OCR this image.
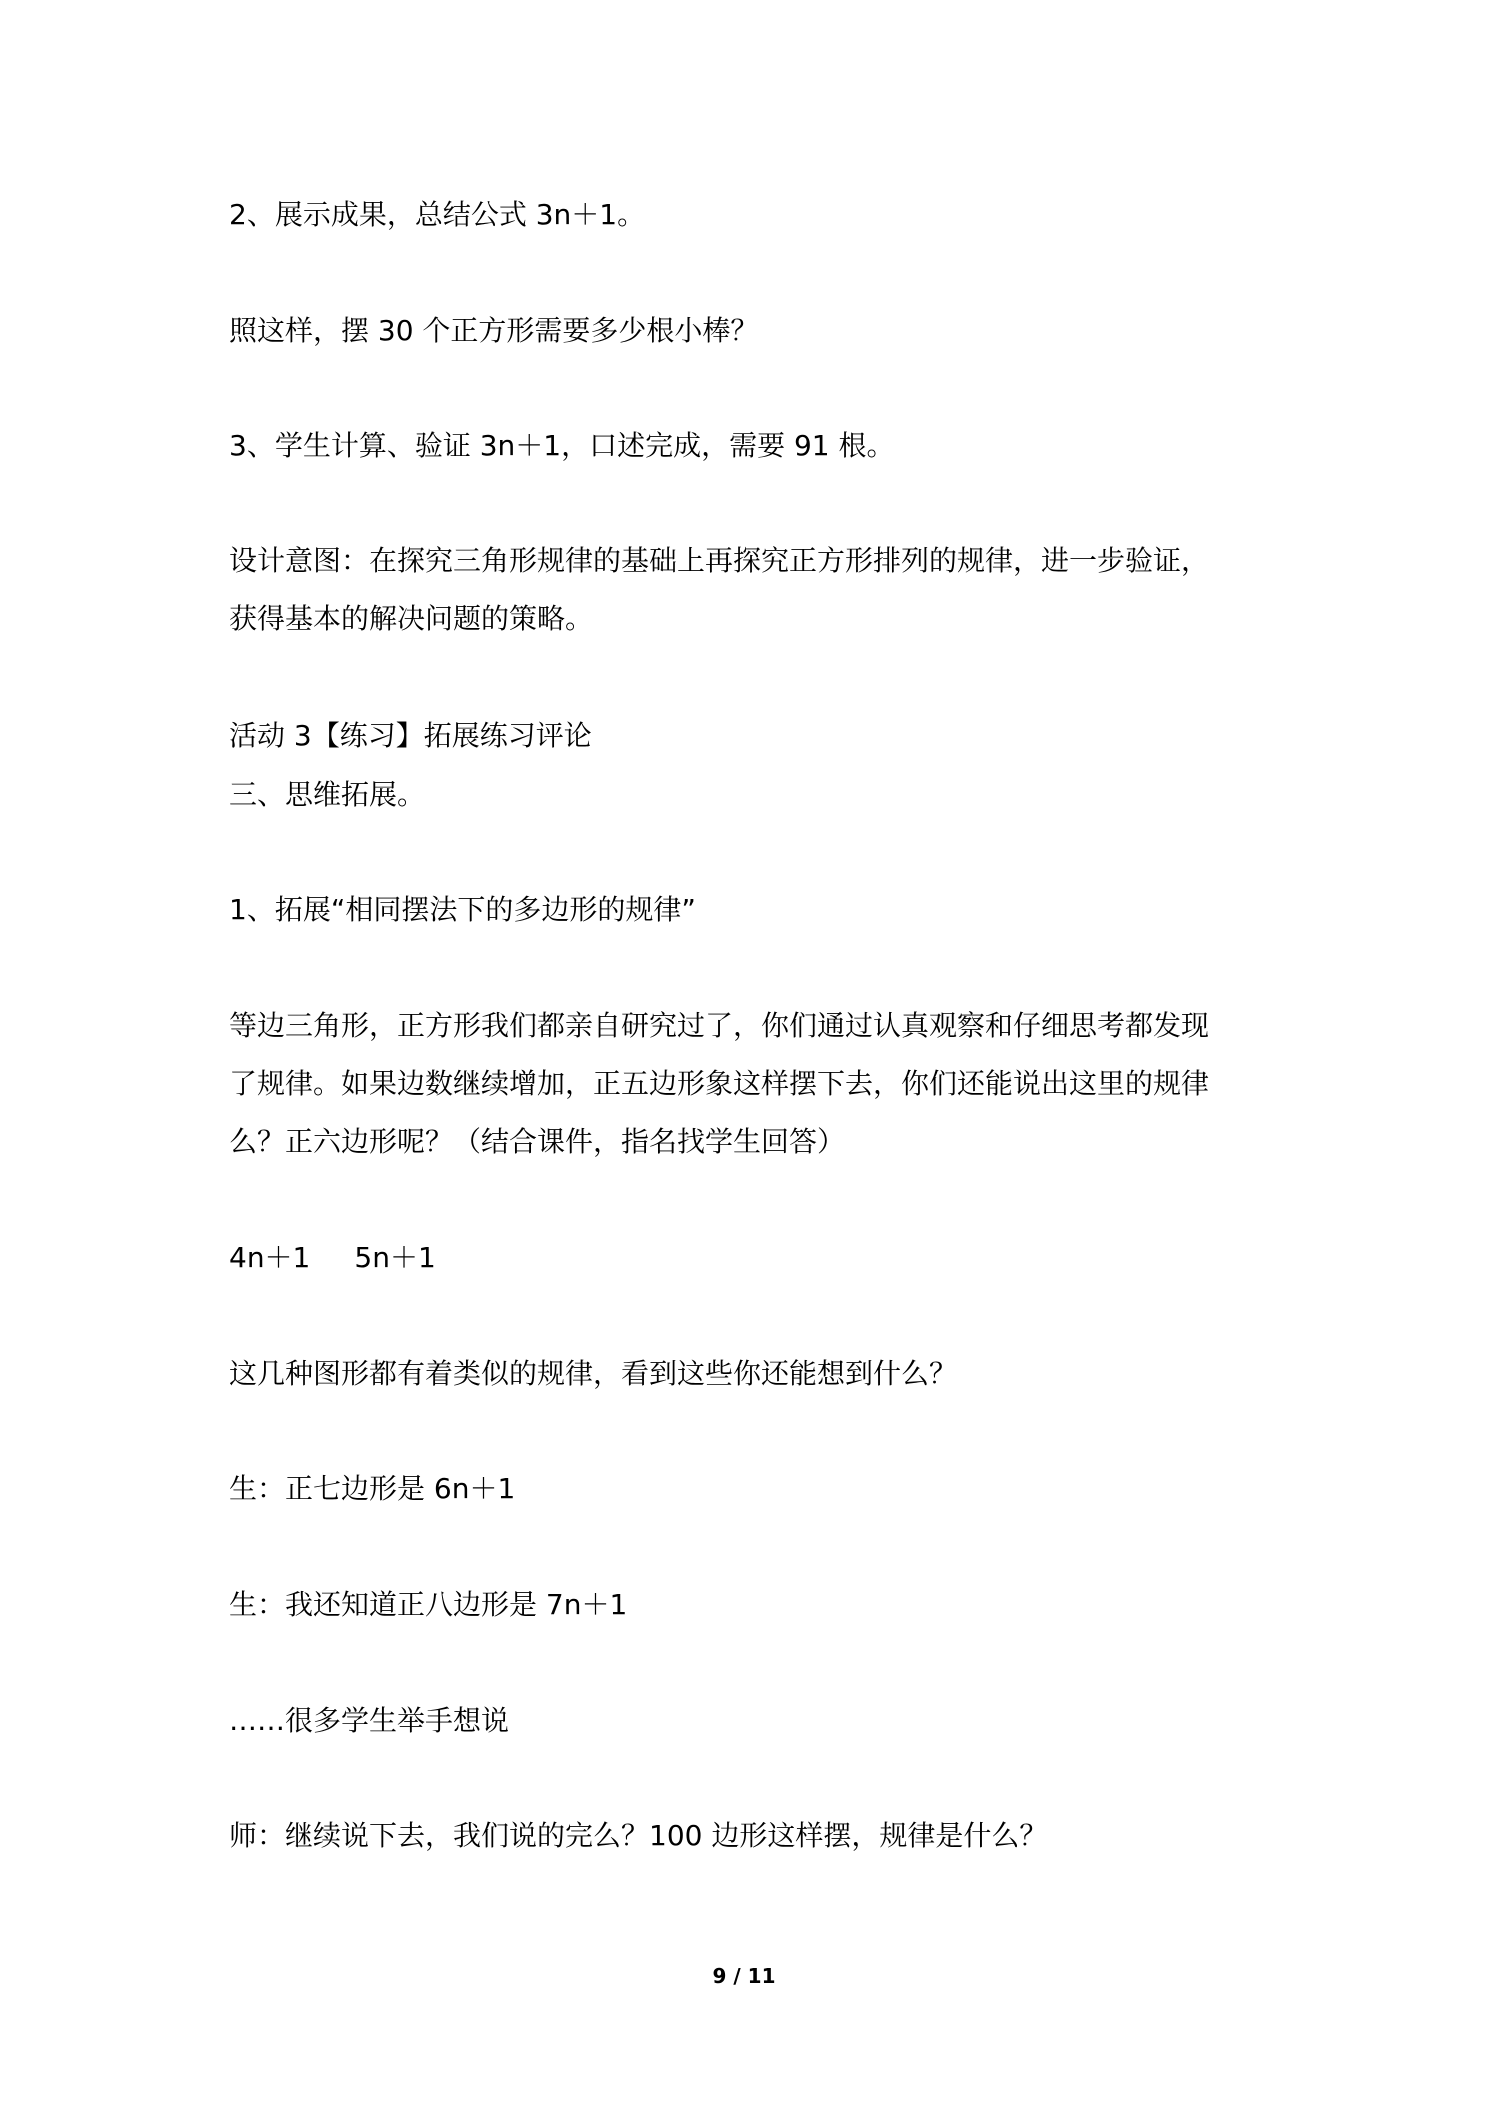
2、展示成果，总结公式 3n＋1。
照这样，摆 30 个正方形需要多少根小棒？
3、学生计算、验证 3n＋1，口述完成，需要 91 根。
设计意图：在探究三角形规律的基础上再探究正方形排列的规律，进一步验证，
获得基本的解决问题的策略。
活动 3【练习】拓展练习评论
三、思维拓展。
1、拓展“相同摆法下的多边形的规律”
等边三角形，正方形我们都亲自研究过了，你们通过认真观察和仔细思考都发现
了规律。如果边数继续增加，正五边形象这样摆下去，你们还能说出这里的规律
么？正六边形呢？（结合课件，指名找学生回答）
4n＋1 5n＋1
这几种图形都有着类似的规律，看到这些你还能想到什么？
生：正七边形是 6n＋1
生：我还知道正八边形是 7n＋1
……很多学生举手想说
师：继续说下去，我们说的完么？100 边形这样摆，规律是什么？
9 / 11
